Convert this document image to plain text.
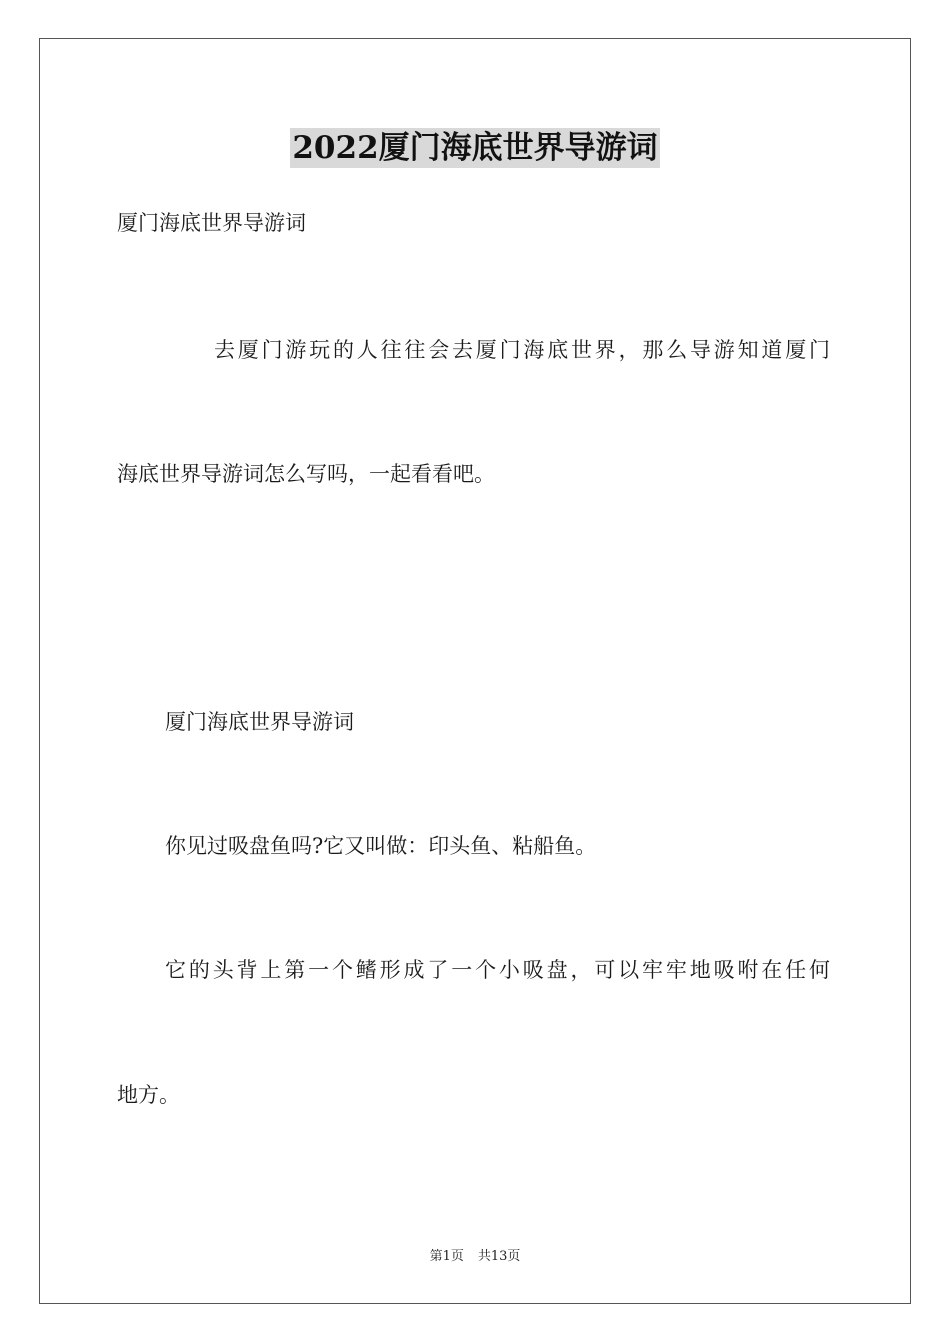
2022厦门海底世界导游词
厦门海底世界导游词
去厦门游玩的人往往会去厦门海底世界，那么导游知道厦门
海底世界导游词怎么写吗，一起看看吧。
厦门海底世界导游词
你见过吸盘鱼吗?它又叫做：印头鱼、粘船鱼。
它的头背上第一个鳍形成了一个小吸盘，可以牢牢地吸咐在任何
地方。
第1页 共13页
